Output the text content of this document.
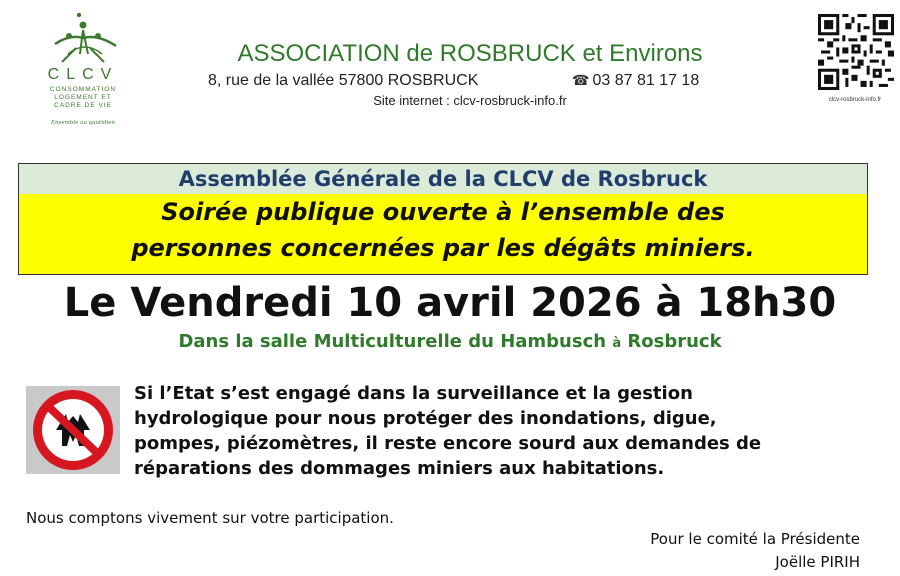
CLCV
CONSOMMATION
LOGEMENT ET
CADRE DE VIE
Ensemble au quotidien
ASSOCIATION de ROSBRUCK et Environs
8, rue de la vallée 57800 ROSBRUCK	☎ 03 87 81 17 18
Site internet : clcv-rosbruck-info.fr	clcv-rosbruck-info.fr
Assemblée Générale de la CLCV de Rosbruck
Soirée publique ouverte à l’ensemble des
personnes concernées par les dégâts miniers.
Le Vendredi 10 avril 2026 à 18h30
Dans la salle Multiculturelle du Hambusch à Rosbruck
Si l’Etat s’est engagé dans la surveillance et la gestion
hydrologique pour nous protéger des inondations, digue,
pompes, piézomètres, il reste encore sourd aux demandes de
réparations des dommages miniers aux habitations.
Nous comptons vivement sur votre participation.
Pour le comité la Présidente
Joëlle PIRIH
